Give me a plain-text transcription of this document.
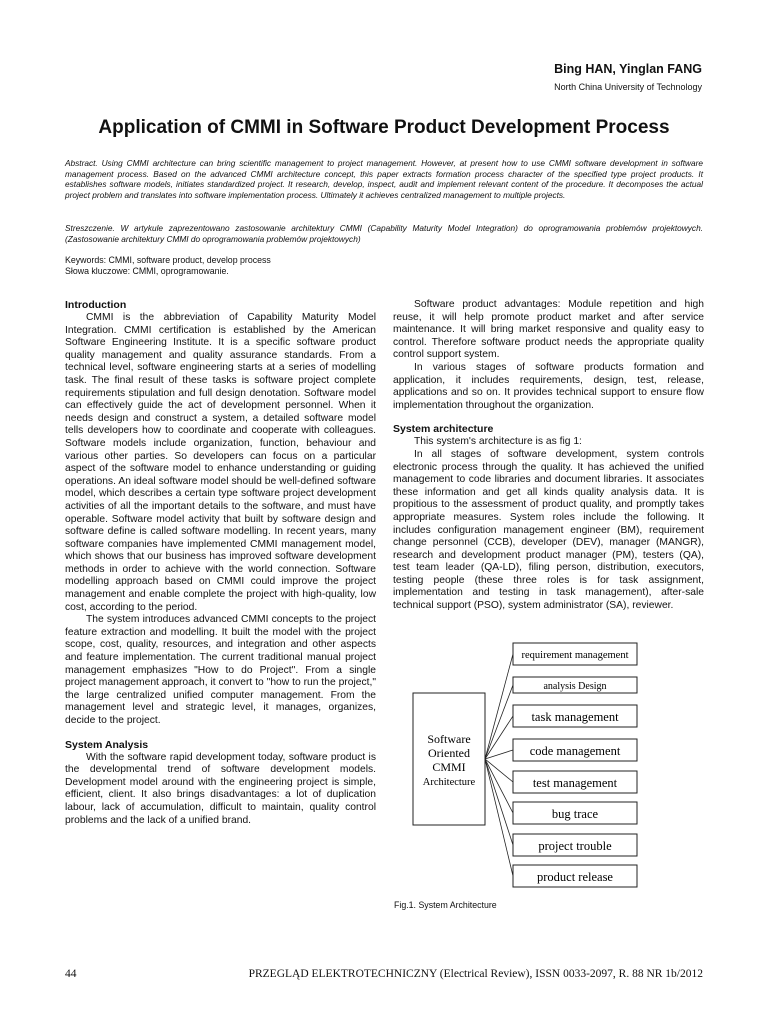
Bing HAN, Yinglan FANG
North China University of Technology
Application of CMMI in Software Product Development Process

Abstract. Using CMMI architecture can bring scientific management to project management. However, at present how to use CMMI software development in software management process. Based on the advanced CMMI architecture concept, this paper extracts formation process character of the specified type project products. It establishes software models, initiates standardized project. It research, develop, inspect, audit and implement relevant content of the procedure. It decomposes the actual project problem and translates into software implementation process. Ultimately it achieves centralized management to multiple projects.

Streszczenie. W artykule zaprezentowano zastosowanie architektury CMMI (Capability Maturity Model Integration) do oprogramowania problemów projektowych. (Zastosowanie architektury CMMI do oprogramowania problemów projektowych)

Keywords: CMMI, software product, develop process
Słowa kluczowe: CMMI, oprogramowanie.
Introduction

CMMI is the abbreviation of Capability Maturity Model Integration. CMMI certification is established by the American Software Engineering Institute. It is a specific software product quality management and quality assurance standards. From a technical level, software engineering starts at a series of modelling task. The final result of these tasks is software project complete requirements stipulation and full design denotation. Software model can effectively guide the act of development personnel. When it needs design and construct a system, a detailed software model tells developers how to coordinate and cooperate with colleagues. Software models include organization, function, behaviour and various other parties. So developers can focus on a particular aspect of the software model to enhance understanding or guiding operations. An ideal software model should be well-defined software model, which describes a certain type software project development activities of all the important details to the software, and must have operable. Software model activity that built by software design and software define is called software modelling. In recent years, many software companies have implemented CMMI management model, which shows that our business has improved software development methods in order to achieve with the world connection. Software modelling approach based on CMMI could improve the project management and enable complete the project with high-quality, low cost, according to the period.

The system introduces advanced CMMI concepts to the project feature extraction and modelling. It built the model with the project scope, cost, quality, resources, and integration and other aspects and feature implementation. The current traditional manual project management emphasizes "How to do Project". From a single project management approach, it convert to "how to run the project," the large centralized unified computer management. From the management level and strategic level, it manages, organizes, decide to the project.

System Analysis

With the software rapid development today, software product is the developmental trend of software development models. Development model around with the engineering project is simple, efficient, client. It also brings disadvantages: a lot of duplication labour, lack of accumulation, difficult to maintain, quality control problems and the lack of a unified brand.

Software product advantages: Module repetition and high reuse, it will help promote product market and after service maintenance. It will bring market responsive and quality easy to control. Therefore software product needs the appropriate quality control support system.

In various stages of software products formation and application, it includes requirements, design, test, release, applications and so on. It provides technical support to ensure flow implementation throughout the organization.

System architecture

This system's architecture is as fig 1:

In all stages of software development, system controls electronic process through the quality. It has achieved the unified management to code libraries and document libraries. It associates these information and get all kinds quality analysis data. It is propitious to the assessment of product quality, and promptly takes appropriate measures. System roles include the following. It includes configuration management engineer (BM), requirement change personnel (CCB), developer (DEV), manager (MANGR), research and development product manager (PM), testers (QA), test team leader (QA-LD), filing person, distribution, executors, testing people (these three roles is for task assignment, implementation and testing in task management), after-sale technical support (PSO), system administrator (SA), reviewer.

Software
Oriented
CMMI
Architecture
requirement management
analysis Design
task management
code management
test management
bug trace
project trouble
product release
Fig.1. System Architecture
44	PRZEGLĄD ELEKTROTECHNICZNY (Electrical Review), ISSN 0033-2097, R. 88 NR 1b/2012
